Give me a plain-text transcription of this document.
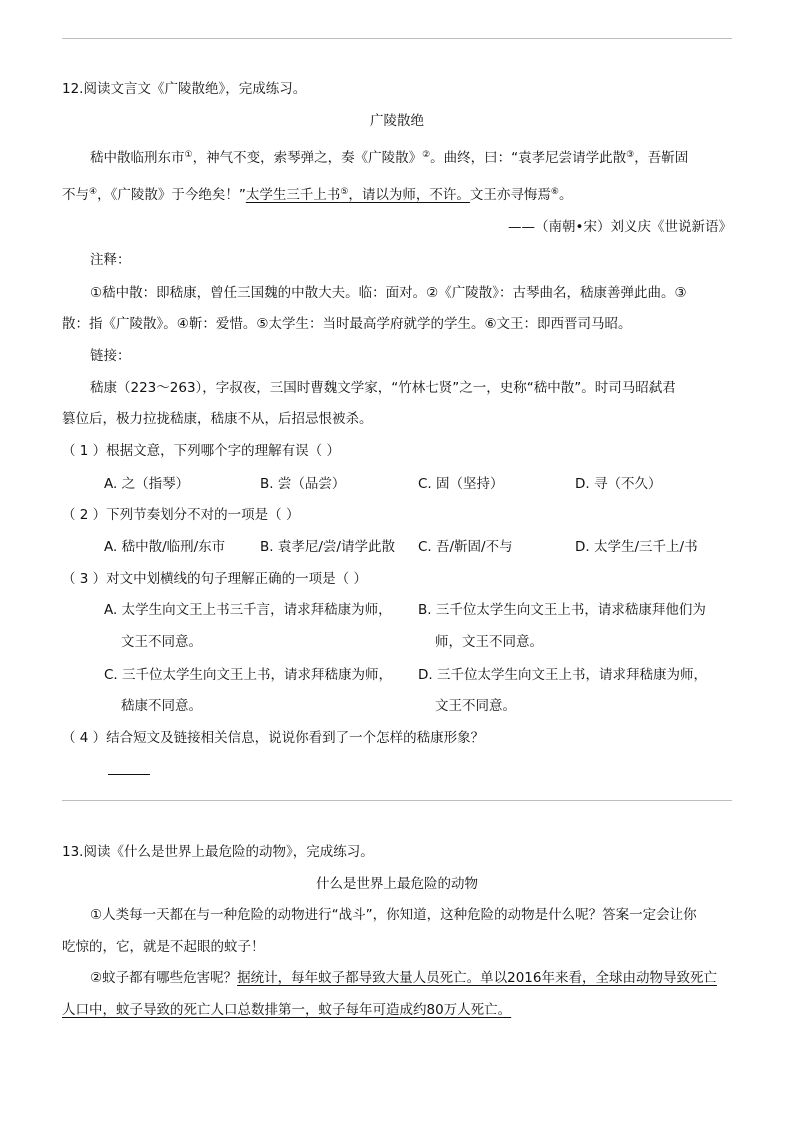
12.阅读文言文《广陵散绝》，完成练习。
广陵散绝
嵇中散临刑东市①，神气不变，索琴弹之，奏《广陵散》②。曲终，曰：“袁孝尼尝请学此散③，吾靳固
不与④，《广陵散》于今绝矣！”太学生三千上书⑤，请以为师，不许。文王亦寻悔焉⑥。
——（南朝•宋）刘义庆《世说新语》
注释：
①嵇中散：即嵇康，曾任三国魏的中散大夫。临：面对。②《广陵散》：古琴曲名，嵇康善弹此曲。③
散：指《广陵散》。④靳：爱惜。⑤太学生：当时最高学府就学的学生。⑥文王：即西晋司马昭。
链接：
嵇康（223～263），字叔夜，三国时曹魏文学家，“竹林七贤”之一，史称“嵇中散”。时司马昭弑君
篡位后，极力拉拢嵇康，嵇康不从，后招忌恨被杀。
（ 1 ）根据文意，下列哪个字的理解有误（ ）
A. 之（指琴）	B. 尝（品尝）	C. 固（坚持）	D. 寻（不久）
（ 2 ）下列节奏划分不对的一项是（ ）
A. 嵇中散/临刑/东市	B. 袁孝尼/尝/请学此散 C. 吾/靳固/不与	D. 太学生/三千上/书
（ 3 ）对文中划横线的句子理解正确的一项是（ ）
A. 太学生向文王上书三千言，请求拜嵇康为师，
文王不同意。
B. 三千位太学生向文王上书，请求嵇康拜他们为
师，文王不同意。
C. 三千位太学生向文王上书，请求拜嵇康为师，
嵇康不同意。
D. 三千位太学生向文王上书，请求拜嵇康为师，
文王不同意。
（ 4 ）结合短文及链接相关信息，说说你看到了一个怎样的嵇康形象？
13.阅读《什么是世界上最危险的动物》，完成练习。
什么是世界上最危险的动物
①人类每一天都在与一种危险的动物进行“战斗”，你知道，这种危险的动物是什么呢？答案一定会让你
吃惊的，它，就是不起眼的蚊子！
②蚊子都有哪些危害呢？据统计，每年蚊子都导致大量人员死亡。单以2016年来看，全球由动物导致死亡
人口中，蚊子导致的死亡人口总数排第一，蚊子每年可造成约80万人死亡。
